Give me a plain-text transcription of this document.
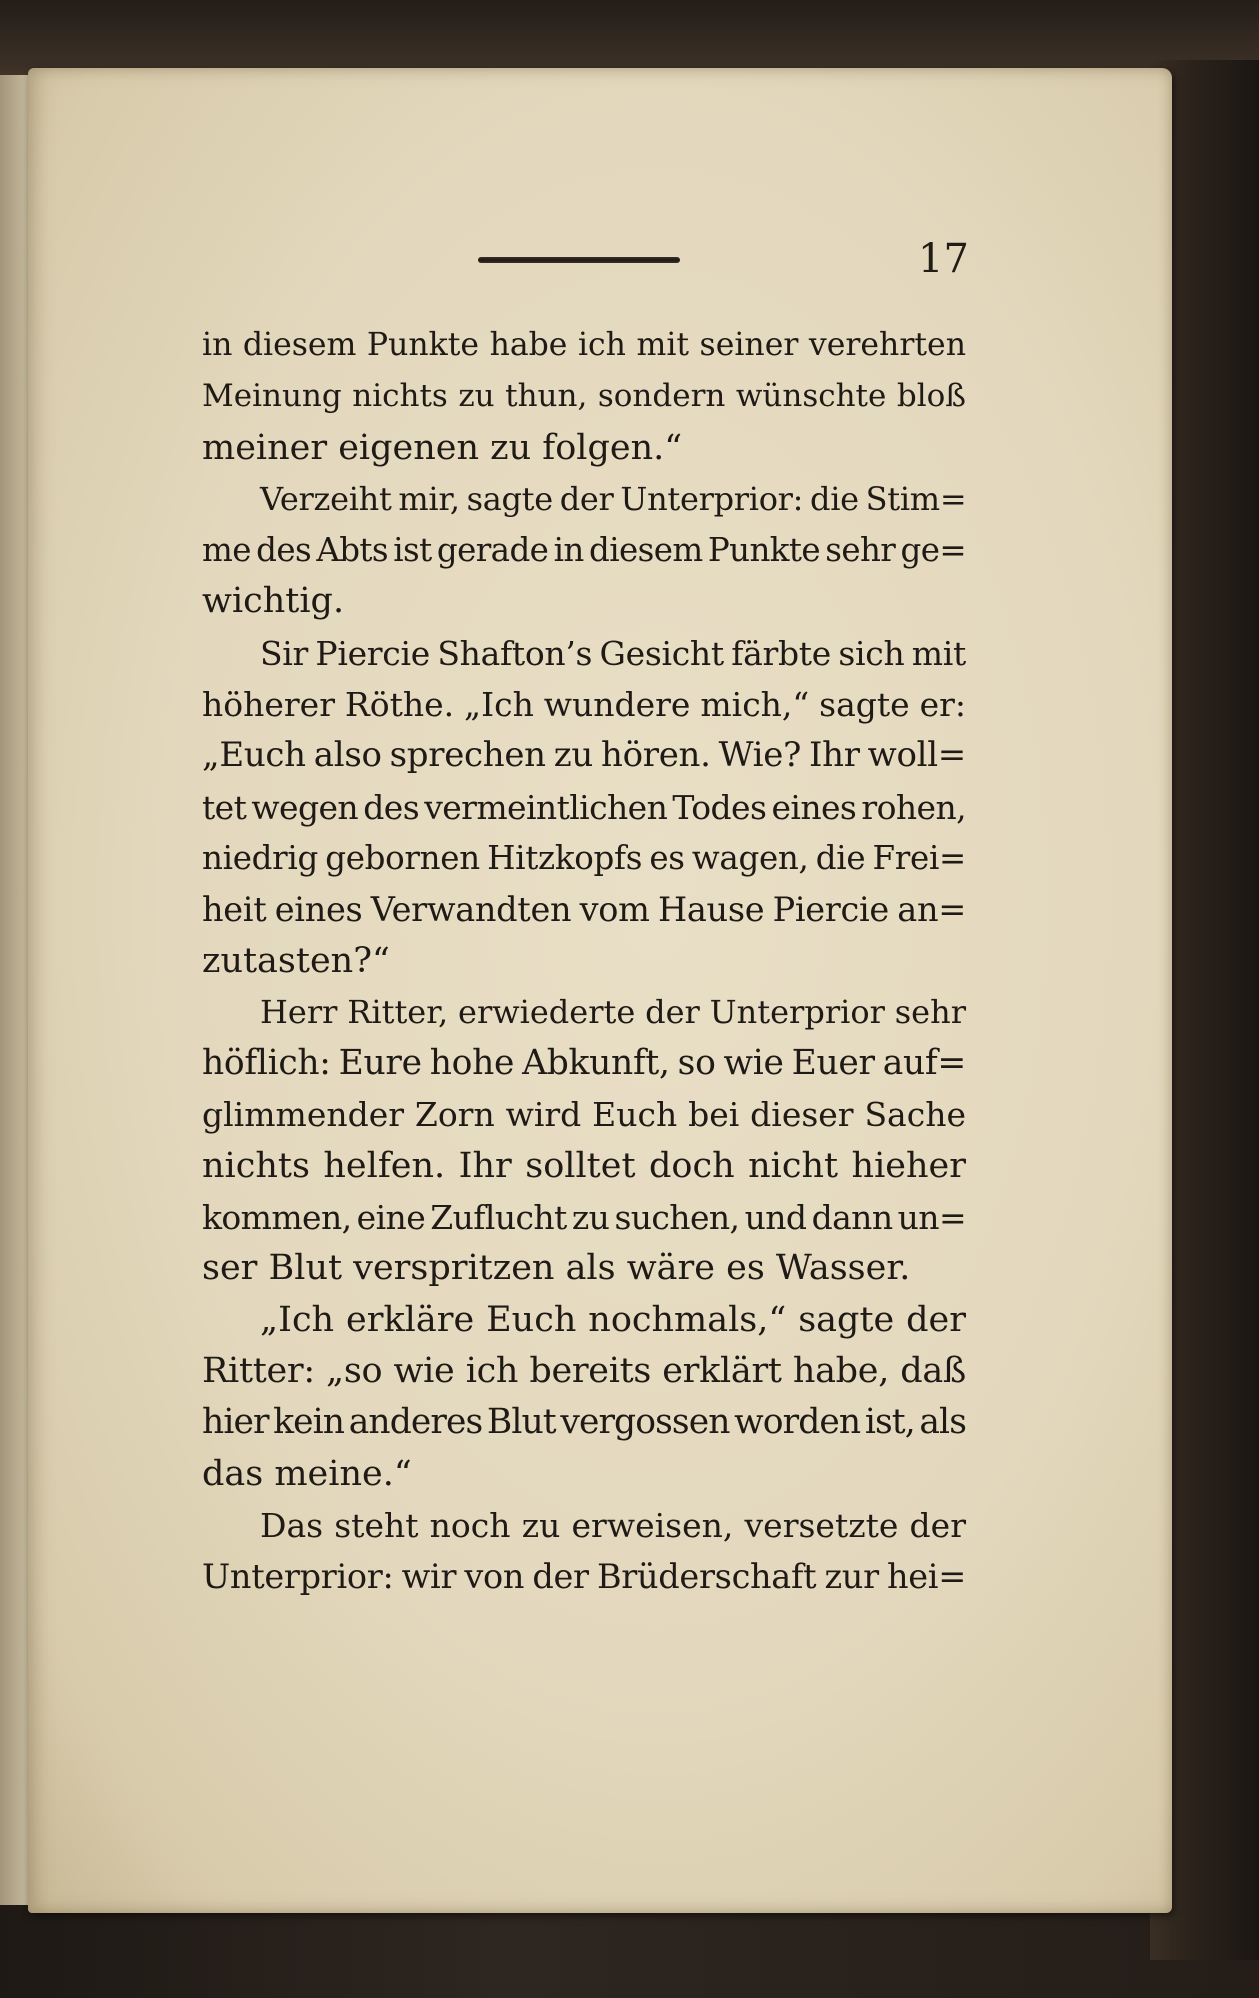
17
in diesem Punkte habe ich mit seiner verehrten
Meinung nichts zu thun, sondern wünschte bloß
meiner eigenen zu folgen.“
Verzeiht mir, sagte der Unterprior: die Stim=
me des Abts ist gerade in diesem Punkte sehr ge=
wichtig.
Sir Piercie Shafton’s Gesicht färbte sich mit
höherer Röthe. „Ich wundere mich,“ sagte er:
„Euch also sprechen zu hören. Wie? Ihr woll=
tet wegen des vermeintlichen Todes eines rohen,
niedrig gebornen Hitzkopfs es wagen, die Frei=
heit eines Verwandten vom Hause Piercie an=
zutasten?“
Herr Ritter, erwiederte der Unterprior sehr
höflich: Eure hohe Abkunft, so wie Euer auf=
glimmender Zorn wird Euch bei dieser Sache
nichts helfen. Ihr solltet doch nicht hieher
kommen, eine Zuflucht zu suchen, und dann un=
ser Blut verspritzen als wäre es Wasser.
„Ich erkläre Euch nochmals,“ sagte der
Ritter: „so wie ich bereits erklärt habe, daß
hier kein anderes Blut vergossen worden ist, als
das meine.“
Das steht noch zu erweisen, versetzte der
Unterprior: wir von der Brüderschaft zur hei=
